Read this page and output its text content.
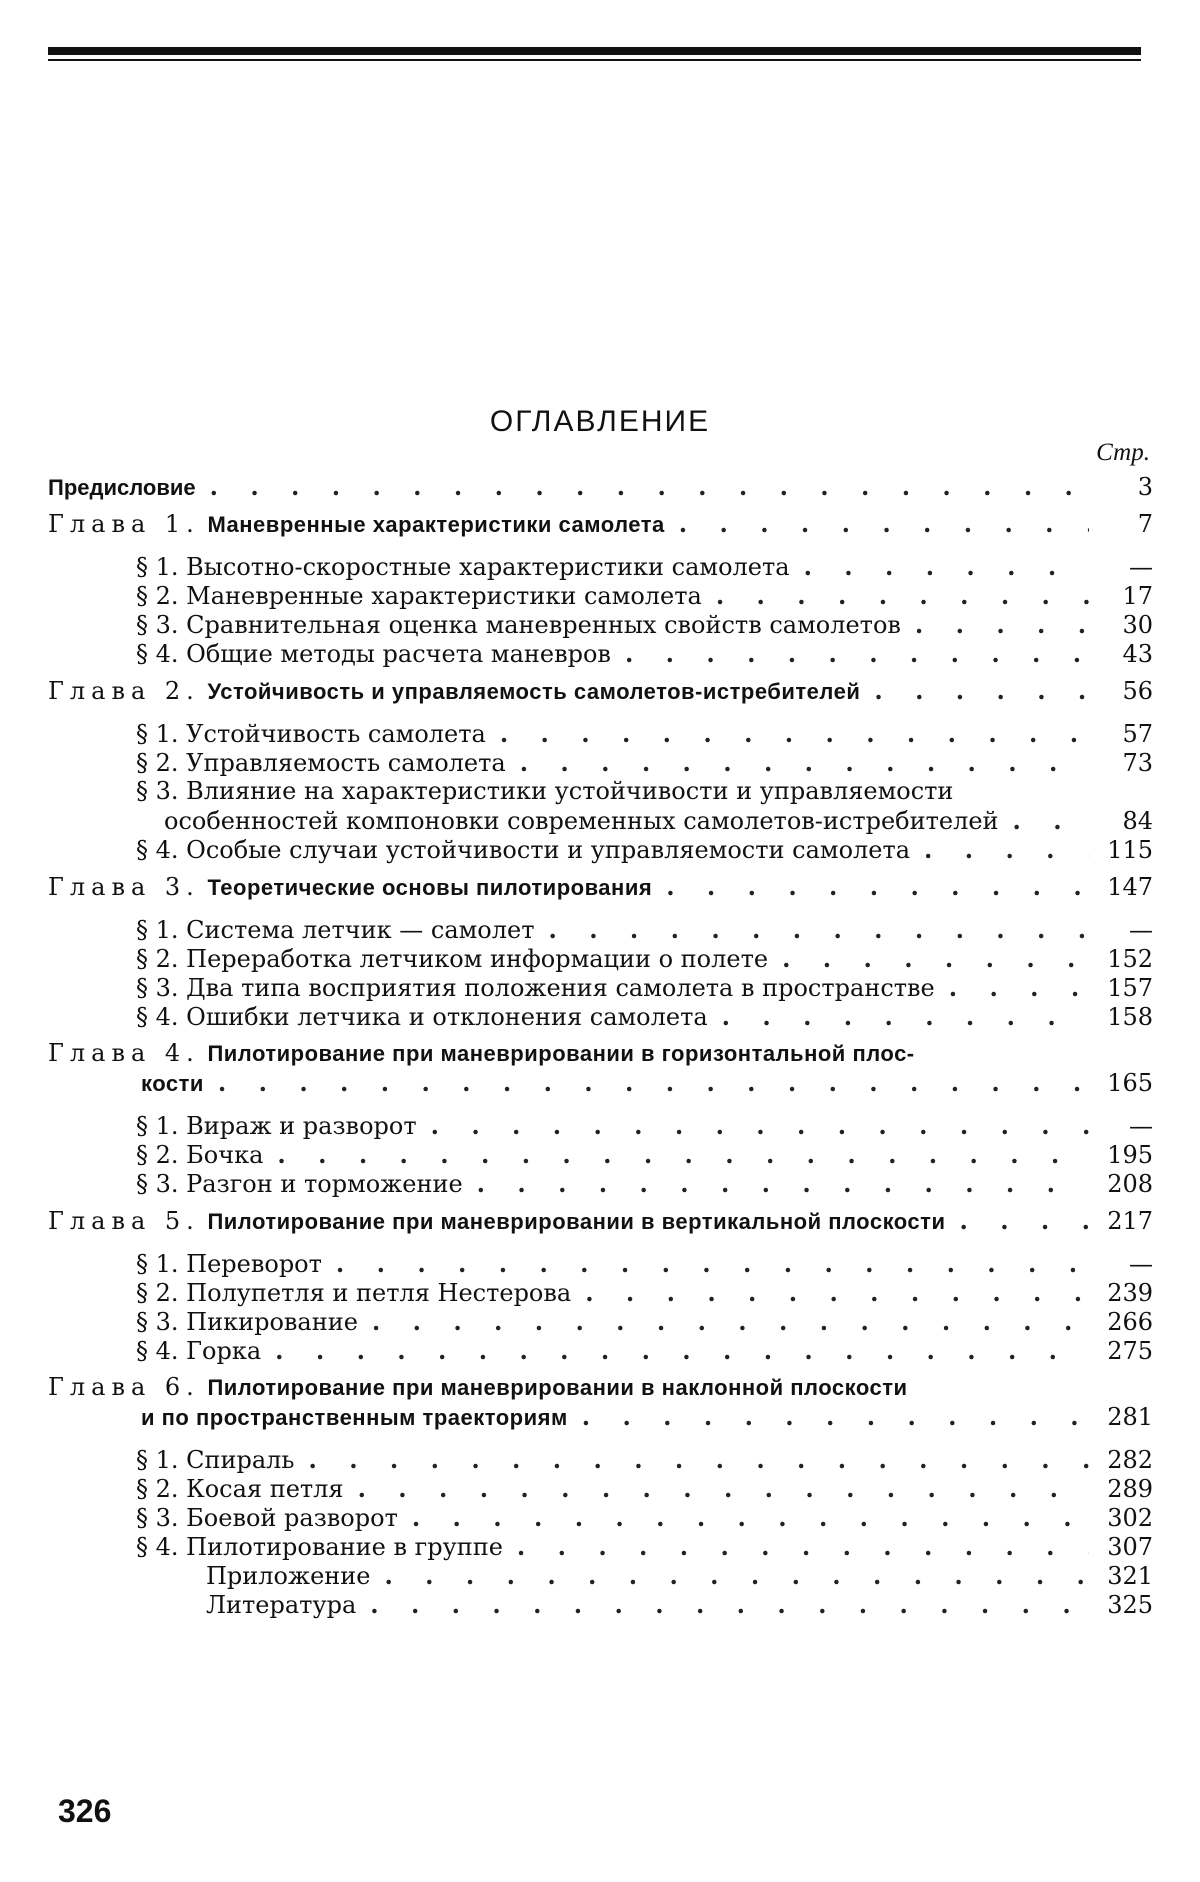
ОГЛАВЛЕНИЕ
Стр.
Предисловие . . .	3
Глава 1. Маневренные характеристики самолета . . .	7
§ 1. Высотно-скоростные характеристики самолета . . .	—
§ 2. Маневренные характеристики самолета . . .	17
§ 3. Сравнительная оценка маневренных свойств самолетов . . .	30
§ 4. Общие методы расчета маневров . . .	43
Глава 2. Устойчивость и управляемость самолетов-истребителей . . .	56
§ 1. Устойчивость самолета . . .	57
§ 2. Управляемость самолета . . .	73
§ 3. Влияние на характеристики устойчивости и управляемости
особенностей компоновки современных самолетов-истребителей . . .	84
§ 4. Особые случаи устойчивости и управляемости самолета . . .	115
Глава 3. Теоретические основы пилотирования . . .	147
§ 1. Система летчик — самолет . . .	—
§ 2. Переработка летчиком информации о полете . . .	152
§ 3. Два типа восприятия положения самолета в пространстве . . .	157
§ 4. Ошибки летчика и отклонения самолета . . .	158
Глава 4. Пилотирование при маневрировании в горизонтальной плос-
кости . . .	165
§ 1. Вираж и разворот . . .	—
§ 2. Бочка . . .	195
§ 3. Разгон и торможение . . .	208
Глава 5. Пилотирование при маневрировании в вертикальной плоскости . . .	217
§ 1. Переворот . . .	—
§ 2. Полупетля и петля Нестерова . . .	239
§ 3. Пикирование . . .	266
§ 4. Горка . . .	275
Глава 6. Пилотирование при маневрировании в наклонной плоскости
и по пространственным траекториям . . .	281
§ 1. Спираль . . .	282
§ 2. Косая петля . . .	289
§ 3. Боевой разворот . . .	302
§ 4. Пилотирование в группе . . .	307
Приложение . . .	321
Литература . . .	325
326
